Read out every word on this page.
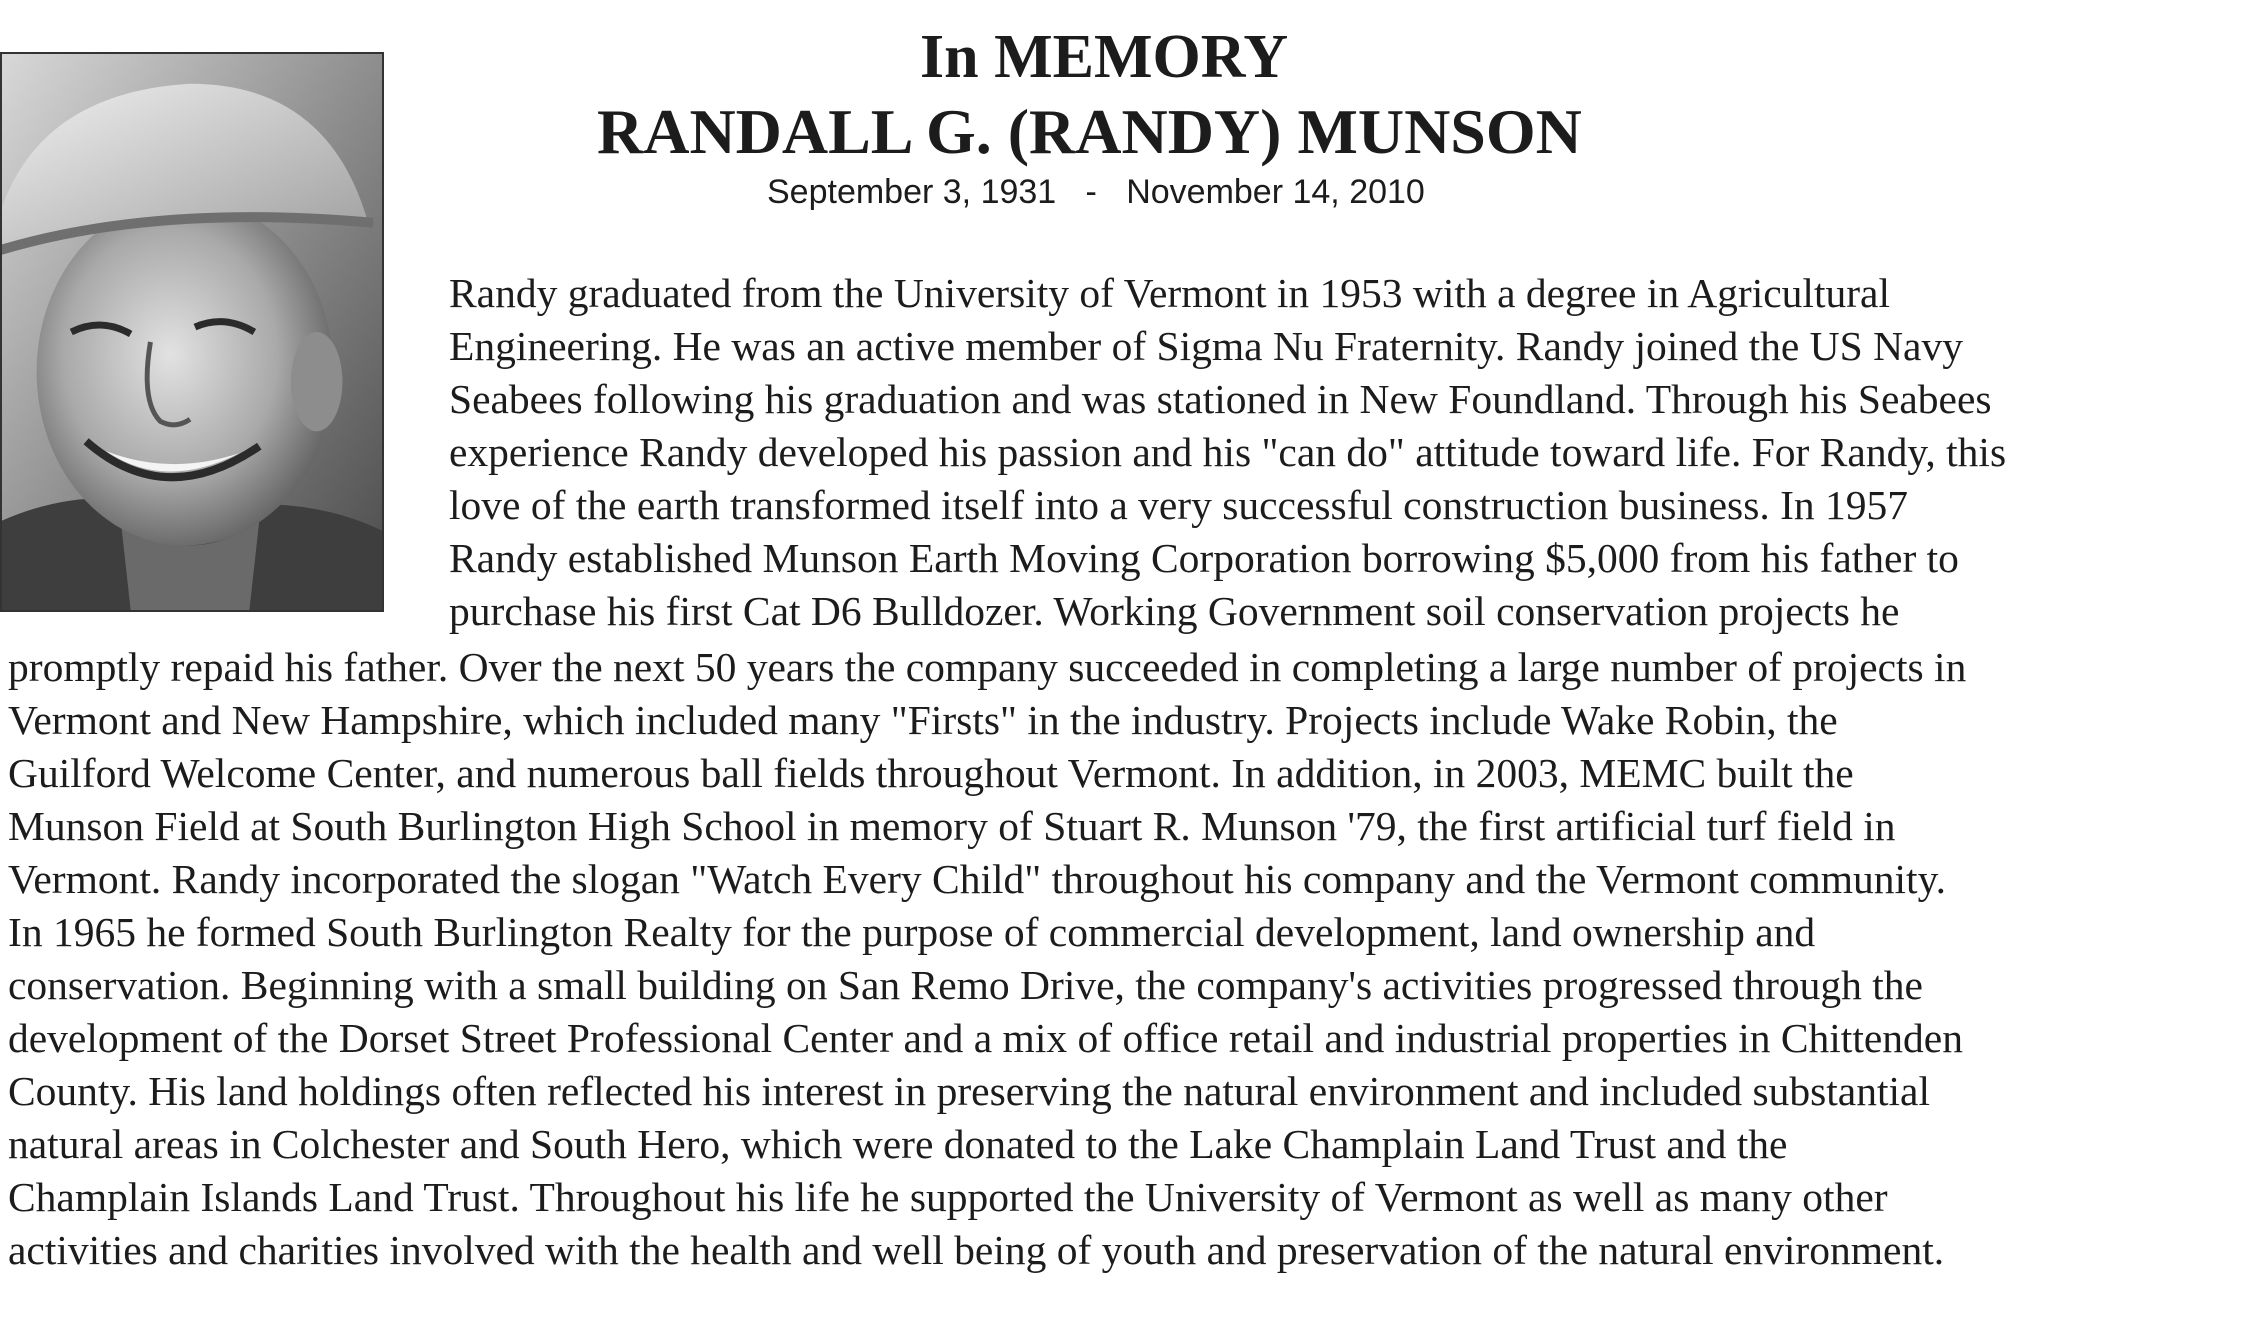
In MEMORY
RANDALL G. (RANDY) MUNSON
September 3, 1931 - November 14, 2010
Randy graduated from the University of Vermont in 1953 with a degree in Agricultural
Engineering. He was an active member of Sigma Nu Fraternity. Randy joined the US Navy
Seabees following his graduation and was stationed in New Foundland. Through his Seabees
experience Randy developed his passion and his "can do" attitude toward life. For Randy, this
love of the earth transformed itself into a very successful construction business. In 1957
Randy established Munson Earth Moving Corporation borrowing $5,000 from his father to
purchase his first Cat D6 Bulldozer. Working Government soil conservation projects he
promptly repaid his father. Over the next 50 years the company succeeded in completing a large number of projects in
Vermont and New Hampshire, which included many "Firsts" in the industry. Projects include Wake Robin, the
Guilford Welcome Center, and numerous ball fields throughout Vermont. In addition, in 2003, MEMC built the
Munson Field at South Burlington High School in memory of Stuart R. Munson '79, the first artificial turf field in
Vermont. Randy incorporated the slogan "Watch Every Child" throughout his company and the Vermont community.
In 1965 he formed South Burlington Realty for the purpose of commercial development, land ownership and
conservation. Beginning with a small building on San Remo Drive, the company's activities progressed through the
development of the Dorset Street Professional Center and a mix of office retail and industrial properties in Chittenden
County. His land holdings often reflected his interest in preserving the natural environment and included substantial
natural areas in Colchester and South Hero, which were donated to the Lake Champlain Land Trust and the
Champlain Islands Land Trust. Throughout his life he supported the University of Vermont as well as many other
activities and charities involved with the health and well being of youth and preservation of the natural environment.
